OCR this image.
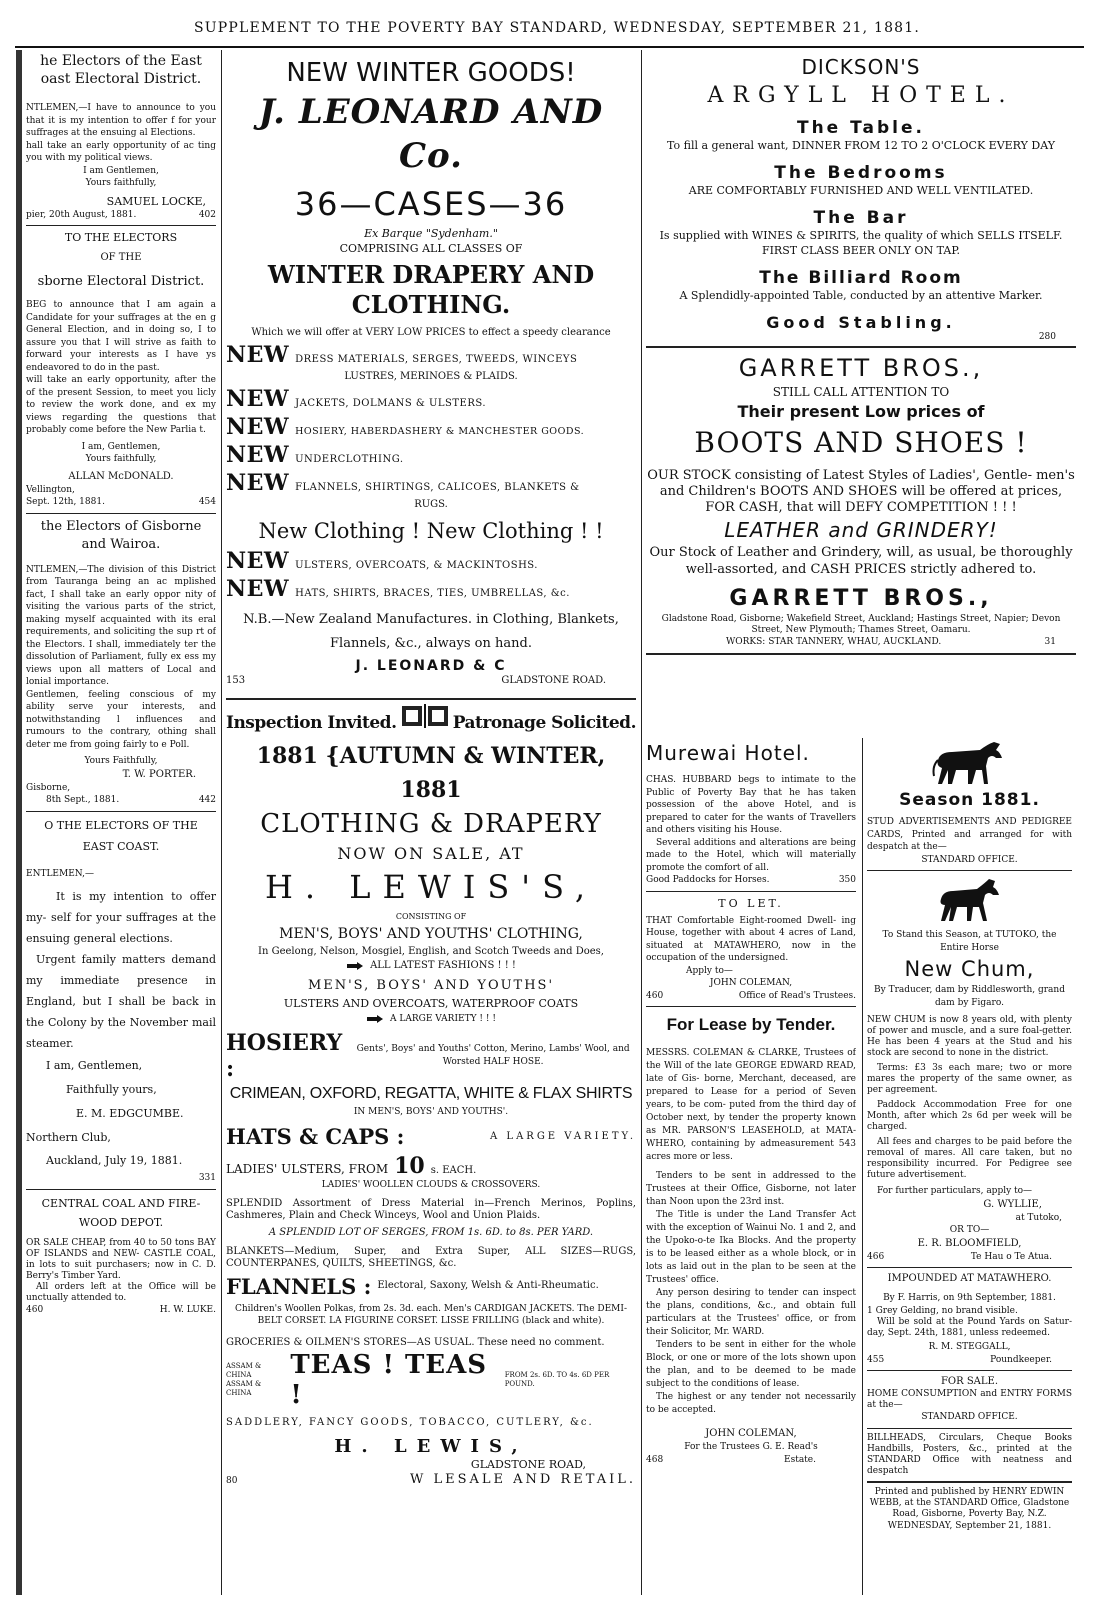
SUPPLEMENT TO THE POVERTY BAY STANDARD, WEDNESDAY, SEPTEMBER 21, 1881.

he Electors of the East

oast Electoral District.

NTLEMEN,—I have to announce to you that it is my intention to offer f for your suffrages at the ensuing al Elections.

hall take an early opportunity of ac ting you with my political views.

I am Gentlemen,

Yours faithfully,

SAMUEL LOCKE,

pier, 20th August, 1881.	402

TO THE ELECTORS

OF THE

sborne Electoral District.

BEG to announce that I am again a Candidate for your suffrages at the en g General Election, and in doing so, I to assure you that I will strive as faith to forward your interests as I have ys endeavored to do in the past.

will take an early opportunity, after the of the present Session, to meet you licly to review the work done, and ex my views regarding the questions that probably come before the New Parlia t.

I am, Gentlemen,

Yours faithfully,

ALLAN McDONALD.

Vellington,

Sept. 12th, 1881.	454

the Electors of Gisborne

and Wairoa.

NTLEMEN,—The division of this District from Tauranga being an ac mplished fact, I shall take an early oppor nity of visiting the various parts of the strict, making myself acquainted with its eral requirements, and soliciting the sup rt of the Electors. I shall, immediately ter the dissolution of Parliament, fully ex ess my views upon all matters of Local and lonial importance.

Gentlemen, feeling conscious of my ability serve your interests, and notwithstanding l influences and rumours to the contrary, othing shall deter me from going fairly to e Poll.

Yours Faithfully,

T. W. PORTER.

Gisborne,

8th Sept., 1881.	442

O THE ELECTORS OF THE

EAST COAST.

ENTLEMEN,—

It is my intention to offer my- self for your suffrages at the ensuing general elections.

Urgent family matters demand my immediate presence in England, but I shall be back in the Colony by the November mail steamer.

I am, Gentlemen,

Faithfully yours,

E. M. EDGCUMBE.

Northern Club,

Auckland, July 19, 1881.

331

CENTRAL COAL AND FIRE-

WOOD DEPOT.

OR SALE CHEAP, from 40 to 50 tons BAY OF ISLANDS and NEW- CASTLE COAL, in lots to suit purchasers; now in C. D. Berry's Timber Yard.

All orders left at the Office will be unctually attended to.

460	H. W. LUKE.

NEW WINTER GOODS!

J. LEONARD AND Co.

36—CASES—36

Ex Barque "Sydenham."

COMPRISING ALL CLASSES OF

WINTER DRAPERY AND

CLOTHING.

Which we will offer at VERY LOW PRICES to effect a speedy clearance

NEW DRESS MATERIALS, SERGES, TWEEDS, WINCEYS

LUSTRES, MERINOES & PLAIDS.

NEW JACKETS, DOLMANS & ULSTERS.
NEW HOSIERY, HABERDASHERY & MANCHESTER GOODS.
NEW UNDERCLOTHING.
NEW FLANNELS, SHIRTINGS, CALICOES, BLANKETS &

RUGS.

New Clothing ! New Clothing ! !

NEW ULSTERS, OVERCOATS, & MACKINTOSHS.
NEW HATS, SHIRTS, BRACES, TIES, UMBRELLAS, &c.

N.B.—New Zealand Manufactures. in Clothing, Blankets, Flannels, &c., always on hand.

J. LEONARD & C

153	GLADSTONE ROAD.
Inspection Invited.	Patronage Solicited.

1881 {AUTUMN & WINTER, 1881

CLOTHING & DRAPERY

NOW ON SALE, AT

H. LEWIS'S,

CONSISTING OF

MEN'S, BOYS' AND YOUTHS' CLOTHING,

In Geelong, Nelson, Mosgiel, English, and Scotch Tweeds and Does,

ALL LATEST FASHIONS ! ! !

MEN'S, BOYS' AND YOUTHS'

ULSTERS AND OVERCOATS, WATERPROOF COATS

A LARGE VARIETY ! ! !
HOSIERY :
Gents', Boys' and Youths' Cotton, Merino, Lambs' Wool, and Worsted HALF HOSE.

CRIMEAN, OXFORD, REGATTA, WHITE & FLAX SHIRTS

IN MEN'S, BOYS' AND YOUTHS'.

HATS & CAPS :	A LARGE VARIETY.
LADIES' ULSTERS, FROM 10 s. EACH.

LADIES' WOOLLEN CLOUDS & CROSSOVERS.

SPLENDID Assortment of Dress Material in—French Merinos, Poplins, Cashmeres, Plain and Check Winceys, Wool and Union Plaids.

A SPLENDID LOT OF SERGES, FROM 1s. 6D. to 8s. PER YARD.

BLANKETS—Medium, Super, and Extra Super, ALL SIZES—RUGS, COUNTERPANES, QUILTS, SHEETINGS, &c.

FLANNELS : Electoral, Saxony, Welsh & Anti-Rheumatic.

Children's Woollen Polkas, from 2s. 3d. each. Men's CARDIGAN JACKETS. The DEMI-BELT CORSET. LA FIGURINE CORSET. LISSE FRILLING (black and white).

GROCERIES & OILMEN'S STORES—AS USUAL. These need no comment.

ASSAM & CHINA
ASSAM & CHINA
TEAS ! TEAS !
FROM 2s. 6D. TO 4s. 6D PER POUND.

SADDLERY, FANCY GOODS, TOBACCO, CUTLERY, &c.

H. LEWIS,

GLADSTONE ROAD,

80	W LESALE AND RETAIL.

DICKSON'S

ARGYLL HOTEL.

The Table.

To fill a general want, DINNER FROM 12 TO 2 O'CLOCK EVERY DAY

The Bedrooms

ARE COMFORTABLY FURNISHED AND WELL VENTILATED.

The Bar

Is supplied with WINES & SPIRITS, the quality of which SELLS ITSELF.

FIRST CLASS BEER ONLY ON TAP.

The Billiard Room

A Splendidly-appointed Table, conducted by an attentive Marker.

Good Stabling.

280

GARRETT BROS.,

STILL CALL ATTENTION TO

Their present Low prices of

BOOTS AND SHOES !

OUR STOCK consisting of Latest Styles of Ladies', Gentle- men's and Children's BOOTS AND SHOES will be offered at prices, FOR CASH, that will DEFY COMPETITION ! ! !

LEATHER and GRINDERY!

Our Stock of Leather and Grindery, will, as usual, be thoroughly well-assorted, and CASH PRICES strictly adhered to.

GARRETT BROS.,

Gladstone Road, Gisborne; Wakefield Street, Auckland; Hastings Street, Napier; Devon Street, New Plymouth; Thames Street, Oamaru.

WORKS: STAR TANNERY, WHAU, AUCKLAND.	31

Murewai Hotel.

CHAS. HUBBARD begs to intimate to the Public of Poverty Bay that he has taken possession of the above Hotel, and is prepared to cater for the wants of Travellers and others visiting his House.

Several additions and alterations are being made to the Hotel, which will materially promote the comfort of all.

Good Paddocks for Horses.	350

TO LET.

THAT Comfortable Eight-roomed Dwell- ing House, together with about 4 acres of Land, situated at MATAWHERO, now in the occupation of the undersigned.

Apply to—

JOHN COLEMAN,

460	Office of Read's Trustees.

For Lease by Tender.

MESSRS. COLEMAN & CLARKE, Trustees of the Will of the late GEORGE EDWARD READ, late of Gis- borne, Merchant, deceased, are prepared to Lease for a period of Seven years, to be com- puted from the third day of October next, by tender the property known as MR. PARSON'S LEASEHOLD, at MATA- WHERO, containing by admeasurement 543 acres more or less.

Tenders to be sent in addressed to the Trustees at their Office, Gisborne, not later than Noon upon the 23rd inst.

The Title is under the Land Transfer Act with the exception of Wainui No. 1 and 2, and the Upoko-o-te Ika Blocks. And the property is to be leased either as a whole block, or in lots as laid out in the plan to be seen at the Trustees' office.

Any person desiring to tender can inspect the plans, conditions, &c., and obtain full particulars at the Trustees' office, or from their Solicitor, Mr. WARD.

Tenders to be sent in either for the whole Block, or one or more of the lots shown upon the plan, and to be deemed to be made subject to the conditions of lease.

The highest or any tender not necessarily to be accepted.

JOHN COLEMAN,

For the Trustees G. E. Read's

468	Estate.

Season 1881.

STUD ADVERTISEMENTS AND PEDIGREE CARDS, Printed and arranged for with despatch at the—

STANDARD OFFICE.

To Stand this Season, at TUTOKO, the Entire Horse

New Chum,

By Traducer, dam by Riddlesworth, grand dam by Figaro.

NEW CHUM is now 8 years old, with plenty of power and muscle, and a sure foal-getter. He has been 4 years at the Stud and his stock are second to none in the district.

Terms: £3 3s each mare; two or more mares the property of the same owner, as per agreement.

Paddock Accommodation Free for one Month, after which 2s 6d per week will be charged.

All fees and charges to be paid before the removal of mares. All care taken, but no responsibility incurred. For Pedigree see future advertisement.

For further particulars, apply to—

G. WYLLIE,

at Tutoko,

OR TO—

E. R. BLOOMFIELD,

466	Te Hau o Te Atua.

IMPOUNDED AT MATAWHERO.

By F. Harris, on 9th September, 1881.

1 Grey Gelding, no brand visible.

Will be sold at the Pound Yards on Satur- day, Sept. 24th, 1881, unless redeemed.

R. M. STEGGALL,

455	Poundkeeper.

FOR SALE.

HOME CONSUMPTION and ENTRY FORMS at the—

STANDARD OFFICE.

BILLHEADS, Circulars, Cheque Books Handbills, Posters, &c., printed at the STANDARD Office with neatness and despatch

Printed and published by HENRY EDWIN WEBB, at the STANDARD Office, Gladstone Road, Gisborne, Poverty Bay, N.Z.

WEDNESDAY, September 21, 1881.
